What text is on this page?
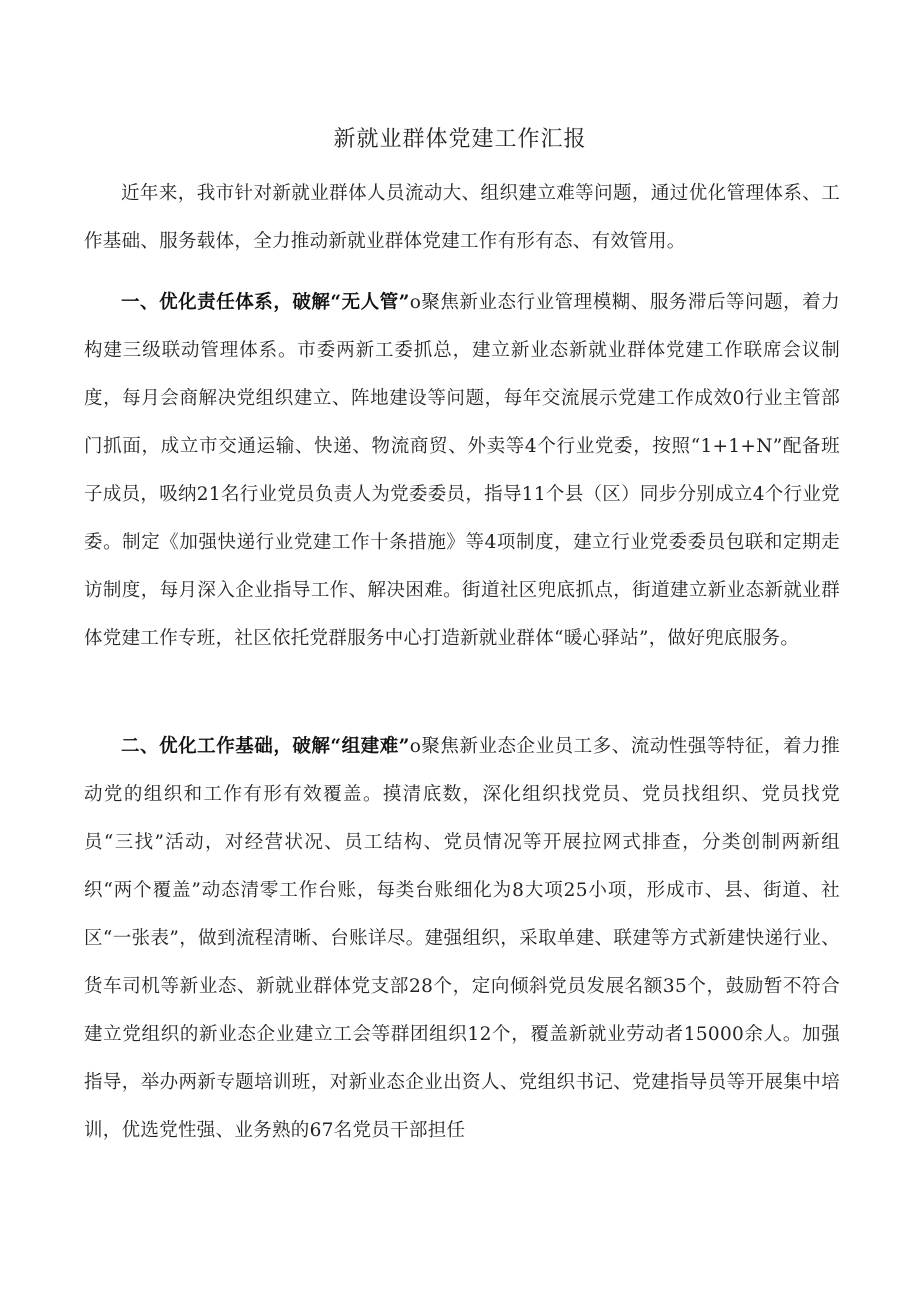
新就业群体党建工作汇报

近年来，我市针对新就业群体人员流动大、组织建立难等问题，通过优化管理体系、工作基础、服务载体，全力推动新就业群体党建工作有形有态、有效管用。

一、优化责任体系，破解“无人管”o聚焦新业态行业管理模糊、服务滞后等问题，着力构建三级联动管理体系。市委两新工委抓总，建立新业态新就业群体党建工作联席会议制度，每月会商解决党组织建立、阵地建设等问题，每年交流展示党建工作成效0行业主管部门抓面，成立市交通运输、快递、物流商贸、外卖等4个行业党委，按照“1+1+N”配备班子成员，吸纳21名行业党员负责人为党委委员，指导11个县（区）同步分别成立4个行业党委。制定《加强快递行业党建工作十条措施》等4项制度，建立行业党委委员包联和定期走访制度，每月深入企业指导工作、解决困难。街道社区兜底抓点，街道建立新业态新就业群体党建工作专班，社区依托党群服务中心打造新就业群体“暖心驿站”，做好兜底服务。

二、优化工作基础，破解“组建难”o聚焦新业态企业员工多、流动性强等特征，着力推动党的组织和工作有形有效覆盖。摸清底数，深化组织找党员、党员找组织、党员找党员“三找”活动，对经营状况、员工结构、党员情况等开展拉网式排查，分类创制两新组织“两个覆盖”动态清零工作台账，每类台账细化为8大项25小项，形成市、县、街道、社区“一张表”，做到流程清晰、台账详尽。建强组织，采取单建、联建等方式新建快递行业、货车司机等新业态、新就业群体党支部28个，定向倾斜党员发展名额35个，鼓励暂不符合建立党组织的新业态企业建立工会等群团组织12个，覆盖新就业劳动者15000余人。加强指导，举办两新专题培训班，对新业态企业出资人、党组织书记、党建指导员等开展集中培训，优选党性强、业务熟的67名党员干部担任
